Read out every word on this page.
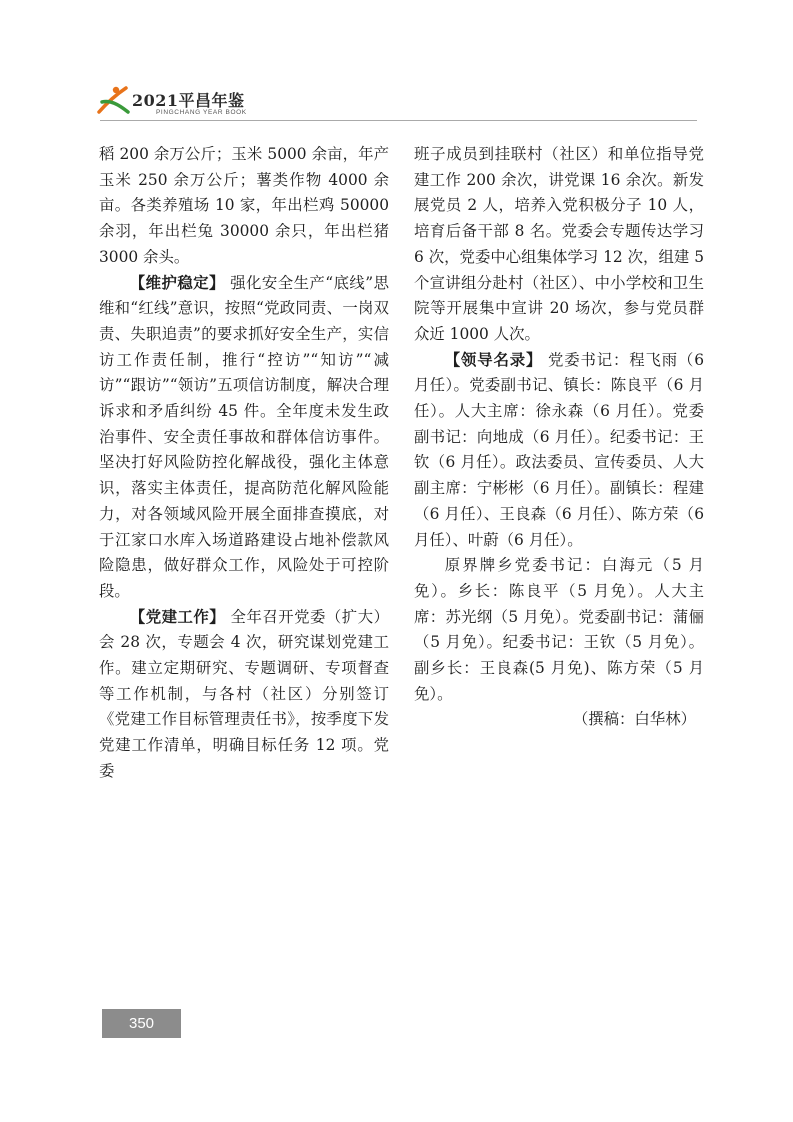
2021平昌年鉴
PINGCHANG YEAR BOOK

稻 200 余万公斤；玉米 5000 余亩，年产玉米 250 余万公斤；薯类作物 4000 余亩。各类养殖场 10 家，年出栏鸡 50000 余羽，年出栏兔 30000 余只，年出栏猪 3000 余头。

【维护稳定】 强化安全生产“底线”思维和“红线”意识，按照“党政同责、一岗双责、失职追责”的要求抓好安全生产，实信访工作责任制，推行“控访”“知访”“减访”“跟访”“领访”五项信访制度，解决合理诉求和矛盾纠纷 45 件。全年度未发生政治事件、安全责任事故和群体信访事件。坚决打好风险防控化解战役，强化主体意识，落实主体责任，提高防范化解风险能力，对各领域风险开展全面排查摸底，对于江家口水库入场道路建设占地补偿款风险隐患，做好群众工作，风险处于可控阶段。

【党建工作】 全年召开党委（扩大）会 28 次，专题会 4 次，研究谋划党建工作。建立定期研究、专题调研、专项督查等工作机制，与各村（社区）分别签订《党建工作目标管理责任书》，按季度下发党建工作清单，明确目标任务 12 项。党委

班子成员到挂联村（社区）和单位指导党建工作 200 余次，讲党课 16 余次。新发展党员 2 人，培养入党积极分子 10 人，培育后备干部 8 名。党委会专题传达学习 6 次，党委中心组集体学习 12 次，组建 5 个宣讲组分赴村（社区）、中小学校和卫生院等开展集中宣讲 20 场次，参与党员群众近 1000 人次。

【领导名录】 党委书记：程飞雨（6 月任）。党委副书记、镇长：陈良平（6 月任）。人大主席：徐永森（6 月任）。党委副书记：向地成（6 月任）。纪委书记：王钦（6 月任）。政法委员、宣传委员、人大副主席：宁彬彬（6 月任）。副镇长：程建（6 月任）、王良森（6 月任）、陈方荣（6 月任）、叶蔚（6 月任）。

原界牌乡党委书记：白海元（5 月免）。乡长：陈良平（5 月免）。人大主席：苏光纲（5 月免）。党委副书记：蒲俪（5 月免）。纪委书记：王钦（5 月免）。副乡长：王良森(5 月免)、陈方荣（5 月免）。

（撰稿：白华林）

350
